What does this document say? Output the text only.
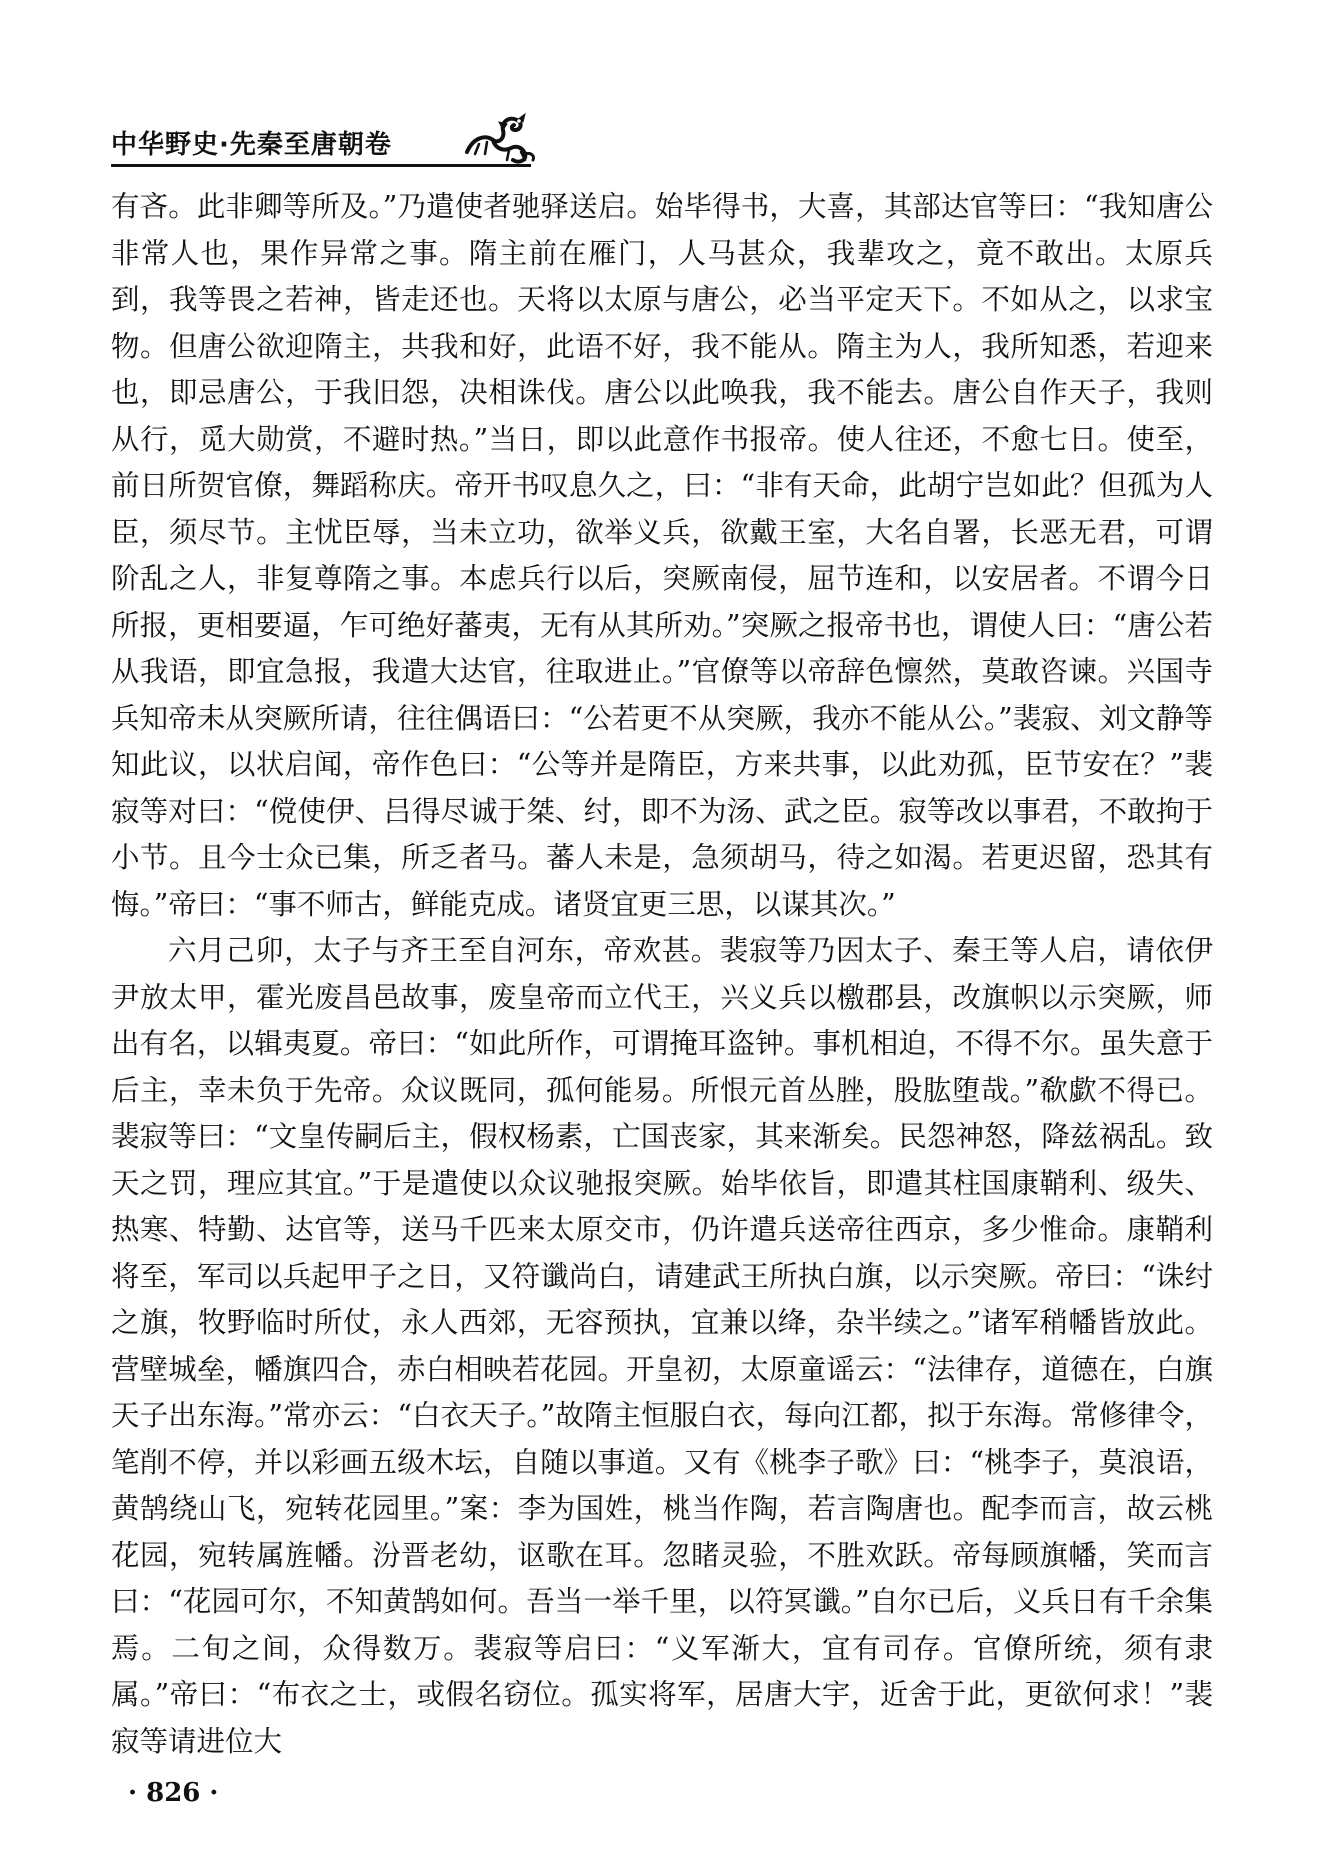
中华野史·先秦至唐朝卷

有吝。此非卿等所及。”乃遣使者驰驿送启。始毕得书，大喜，其部达官等曰：“我知唐公非常人也，果作异常之事。隋主前在雁门，人马甚众，我辈攻之，竟不敢出。太原兵到，我等畏之若神，皆走还也。天将以太原与唐公，必当平定天下。不如从之，以求宝物。但唐公欲迎隋主，共我和好，此语不好，我不能从。隋主为人，我所知悉，若迎来也，即忌唐公，于我旧怨，决相诛伐。唐公以此唤我，我不能去。唐公自作天子，我则从行，觅大勋赏，不避时热。”当日，即以此意作书报帝。使人往还，不愈七日。使至，前日所贺官僚，舞蹈称庆。帝开书叹息久之，曰：“非有天命，此胡宁岂如此？但孤为人臣，须尽节。主忧臣辱，当未立功，欲举义兵，欲戴王室，大名自署，长恶无君，可谓阶乱之人，非复尊隋之事。本虑兵行以后，突厥南侵，屈节连和，以安居者。不谓今日所报，更相要逼，乍可绝好蕃夷，无有从其所劝。”突厥之报帝书也，谓使人曰：“唐公若从我语，即宜急报，我遣大达官，往取进止。”官僚等以帝辞色懔然，莫敢咨谏。兴国寺兵知帝未从突厥所请，往往偶语曰：“公若更不从突厥，我亦不能从公。”裴寂、刘文静等知此议，以状启闻，帝作色曰：“公等并是隋臣，方来共事，以此劝孤，臣节安在？”裴寂等对曰：“傥使伊、吕得尽诚于桀、纣，即不为汤、武之臣。寂等改以事君，不敢拘于小节。且今士众已集，所乏者马。蕃人未是，急须胡马，待之如渴。若更迟留，恐其有悔。”帝曰：“事不师古，鲜能克成。诸贤宜更三思，以谋其次。”

六月己卯，太子与齐王至自河东，帝欢甚。裴寂等乃因太子、秦王等人启，请依伊尹放太甲，霍光废昌邑故事，废皇帝而立代王，兴义兵以檄郡县，改旗帜以示突厥，师出有名，以辑夷夏。帝曰：“如此所作，可谓掩耳盗钟。事机相迫，不得不尔。虽失意于后主，幸未负于先帝。众议既同，孤何能易。所恨元首丛脞，股肱堕哉。”欷歔不得已。裴寂等曰：“文皇传嗣后主，假权杨素，亡国丧家，其来渐矣。民怨神怒，降兹祸乱。致天之罚，理应其宜。”于是遣使以众议驰报突厥。始毕依旨，即遣其柱国康鞘利、级失、热寒、特勤、达官等，送马千匹来太原交市，仍许遣兵送帝往西京，多少惟命。康鞘利将至，军司以兵起甲子之日，又符谶尚白，请建武王所执白旗，以示突厥。帝曰：“诛纣之旗，牧野临时所仗，永人西郊，无容预执，宜兼以绛，杂半续之。”诸军稍幡皆放此。营壁城垒，幡旗四合，赤白相映若花园。开皇初，太原童谣云：“法律存，道德在，白旗天子出东海。”常亦云：“白衣天子。”故隋主恒服白衣，每向江都，拟于东海。常修律令，笔削不停，并以彩画五级木坛，自随以事道。又有《桃李子歌》曰：“桃李子，莫浪语，黄鹄绕山飞，宛转花园里。”案：李为国姓，桃当作陶，若言陶唐也。配李而言，故云桃花园，宛转属旌幡。汾晋老幼，讴歌在耳。忽睹灵验，不胜欢跃。帝每顾旗幡，笑而言曰：“花园可尔，不知黄鹄如何。吾当一举千里，以符冥谶。”自尔已后，义兵日有千余集焉。二旬之间，众得数万。裴寂等启曰：“义军渐大，宜有司存。官僚所统，须有隶属。”帝曰：“布衣之士，或假名窃位。孤实将军，居唐大宇，近舍于此，更欲何求！”裴寂等请进位大

· 826 ·
